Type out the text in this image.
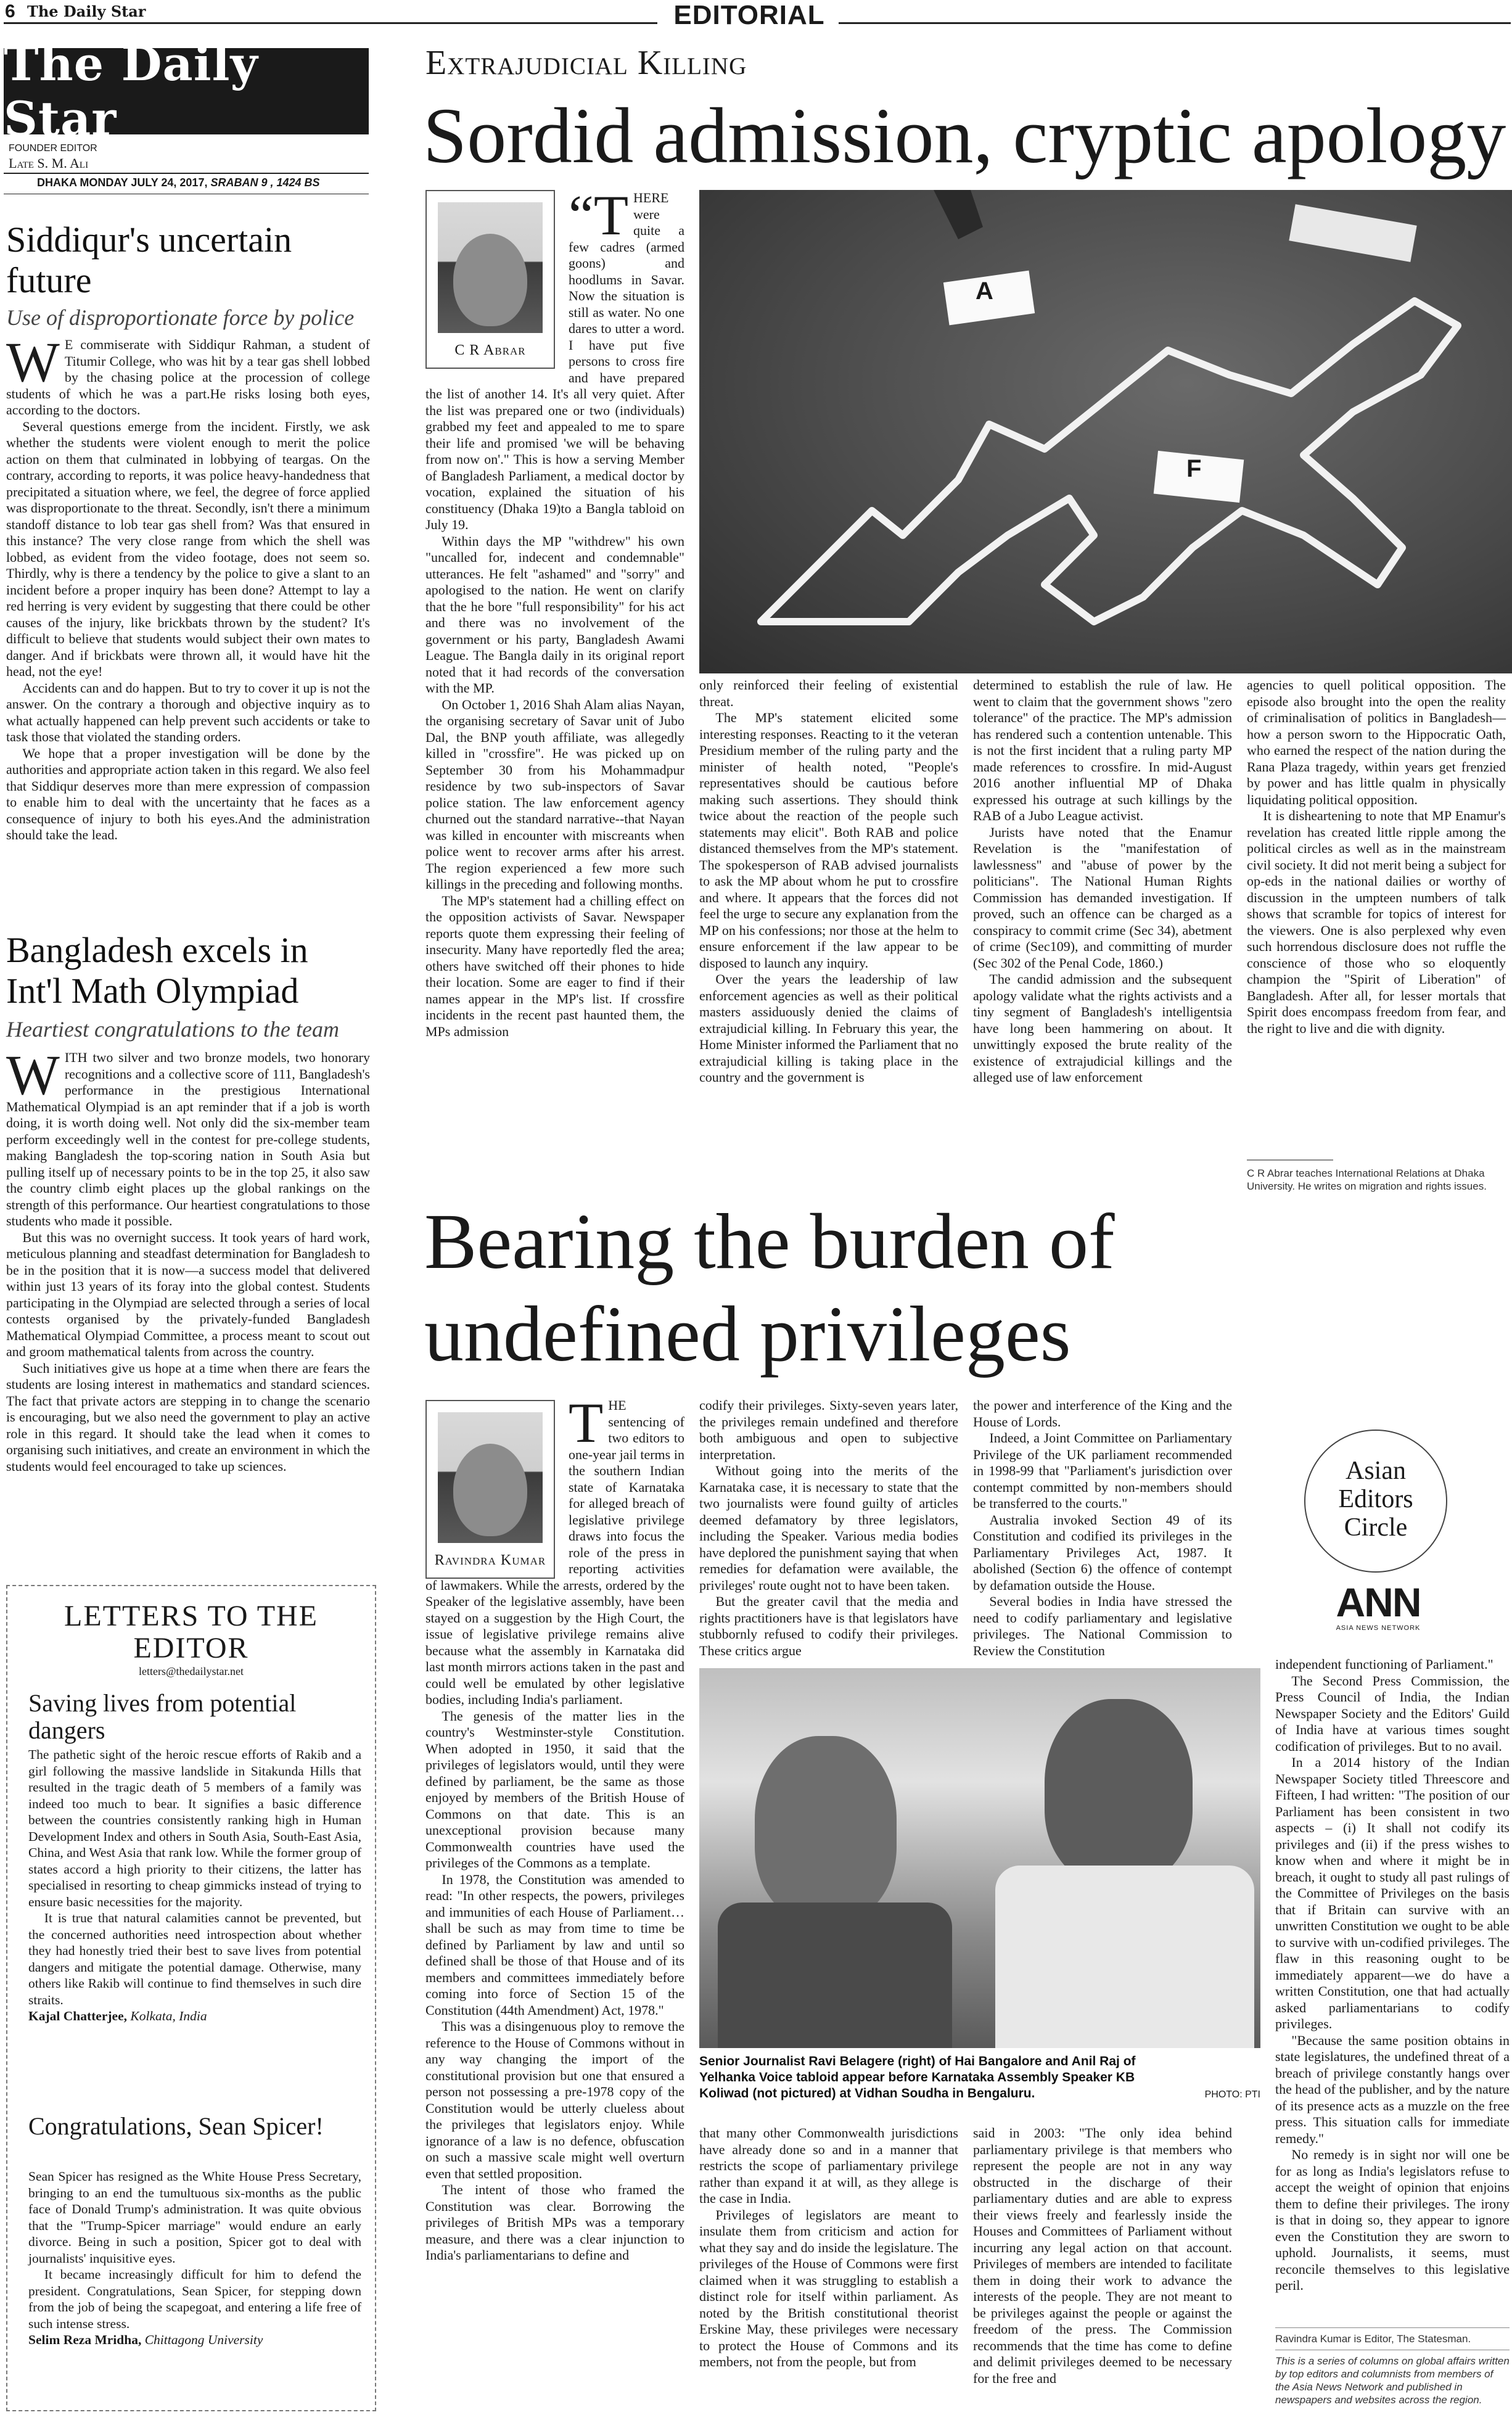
6 The Daily Star	EDITORIAL
The Daily Star
FOUNDER EDITOR
Late S. M. Ali
DHAKA MONDAY JULY 24, 2017, SRABAN 9 , 1424 BS
Siddiqur's uncertain future
Use of disproportionate force by police

W E commiserate with Siddiqur Rahman, a student of Titumir College, who was hit by a tear gas shell lobbed by the chasing police at the procession of college students of which he was a part.He risks losing both eyes, according to the doctors.

Several questions emerge from the incident. Firstly, we ask whether the students were violent enough to merit the police action on them that culminated in lobbying of teargas. On the contrary, according to reports, it was police heavy-handedness that precipitated a situation where, we feel, the degree of force applied was disproportionate to the threat. Secondly, isn't there a minimum standoff distance to lob tear gas shell from? Was that ensured in this instance? The very close range from which the shell was lobbed, as evident from the video footage, does not seem so. Thirdly, why is there a tendency by the police to give a slant to an incident before a proper inquiry has been done? Attempt to lay a red herring is very evident by suggesting that there could be other causes of the injury, like brickbats thrown by the student? It's difficult to believe that students would subject their own mates to danger. And if brickbats were thrown all, it would have hit the head, not the eye!

Accidents can and do happen. But to try to cover it up is not the answer. On the contrary a thorough and objective inquiry as to what actually happened can help prevent such accidents or take to task those that violated the standing orders.

We hope that a proper investigation will be done by the authorities and appropriate action taken in this regard. We also feel that Siddiqur deserves more than mere expression of compassion to enable him to deal with the uncertainty that he faces as a consequence of injury to both his eyes.And the administration should take the lead.

Bangladesh excels in Int'l Math Olympiad
Heartiest congratulations to the team

WITH two silver and two bronze models, two honorary recognitions and a collective score of 111, Bangladesh's performance in the prestigious International Mathematical Olympiad is an apt reminder that if a job is worth doing, it is worth doing well. Not only did the six-member team perform exceedingly well in the contest for pre-college students, making Bangladesh the top-scoring nation in South Asia but pulling itself up of necessary points to be in the top 25, it also saw the country climb eight places up the global rankings on the strength of this performance. Our heartiest congratulations to those students who made it possible.

But this was no overnight success. It took years of hard work, meticulous planning and steadfast determination for Bangladesh to be in the position that it is now—a success model that delivered within just 13 years of its foray into the global contest. Students participating in the Olympiad are selected through a series of local contests organised by the privately-funded Bangladesh Mathematical Olympiad Committee, a process meant to scout out and groom mathematical talents from across the country.

Such initiatives give us hope at a time when there are fears the students are losing interest in mathematics and standard sciences. The fact that private actors are stepping in to change the scenario is encouraging, but we also need the government to play an active role in this regard. It should take the lead when it comes to organising such initiatives, and create an environment in which the students would feel encouraged to take up sciences.

LETTERS TO THE EDITOR
letters@thedailystar.net
Saving lives from potential dangers

The pathetic sight of the heroic rescue efforts of Rakib and a girl following the massive landslide in Sitakunda Hills that resulted in the tragic death of 5 members of a family was indeed too much to bear. It signifies a basic difference between the countries consistently ranking high in Human Development Index and others in South Asia, South-East Asia, China, and West Asia that rank low. While the former group of states accord a high priority to their citizens, the latter has specialised in resorting to cheap gimmicks instead of trying to ensure basic necessities for the majority.

It is true that natural calamities cannot be prevented, but the concerned authorities need introspection about whether they had honestly tried their best to save lives from potential dangers and mitigate the potential damage. Otherwise, many others like Rakib will continue to find themselves in such dire straits.

Kajal Chatterjee, Kolkata, India

Congratulations, Sean Spicer!

Sean Spicer has resigned as the White House Press Secretary, bringing to an end the tumultuous six-months as the public face of Donald Trump's administration. It was quite obvious that the "Trump-Spicer marriage" would endure an early divorce. Being in such a position, Spicer got to deal with journalists' inquisitive eyes.

It became increasingly difficult for him to defend the president. Congratulations, Sean Spicer, for stepping down from the job of being the scapegoat, and entering a life free of such intense stress.

Selim Reza Mridha, Chittagong University

Extrajudicial Killing
Sordid admission, cryptic apology
C R Abrar

“THERE were quite a few cadres (armed goons) and hoodlums in Savar. Now the situation is still as water. No one dares to utter a word. I have put five persons to cross fire and have prepared the list of another 14. It's all very quiet. After the list was prepared one or two (individuals) grabbed my feet and appealed to me to spare their life and promised 'we will be behaving from now on'." This is how a serving Member of Bangladesh Parliament, a medical doctor by vocation, explained the situation of his constituency (Dhaka 19)to a Bangla tabloid on July 19.

Within days the MP "withdrew" his own "uncalled for, indecent and condemnable" utterances. He felt "ashamed" and "sorry" and apologised to the nation. He went on clarify that the he bore "full responsibility" for his act and there was no involvement of the government or his party, Bangladesh Awami League. The Bangla daily in its original report noted that it had records of the conversation with the MP.

On October 1, 2016 Shah Alam alias Nayan, the organising secretary of Savar unit of Jubo Dal, the BNP youth affiliate, was allegedly killed in "crossfire". He was picked up on September 30 from his Mohammadpur residence by two sub-inspectors of Savar police station. The law enforcement agency churned out the standard narrative--that Nayan was killed in encounter with miscreants when police went to recover arms after his arrest. The region experienced a few more such killings in the preceding and following months.

The MP's statement had a chilling effect on the opposition activists of Savar. Newspaper reports quote them expressing their feeling of insecurity. Many have reportedly fled the area; others have switched off their phones to hide their location. Some are eager to find if their names appear in the MP's list. If crossfire incidents in the recent past haunted them, the MPs admission

A
F

only reinforced their feeling of existential threat.

The MP's statement elicited some interesting responses. Reacting to it the veteran Presidium member of the ruling party and the minister of health noted, "People's representatives should be cautious before making such assertions. They should think twice about the reaction of the people such statements may elicit". Both RAB and police distanced themselves from the MP's statement. The spokesperson of RAB advised journalists to ask the MP about whom he put to crossfire and where. It appears that the forces did not feel the urge to secure any explanation from the MP on his confessions; nor those at the helm to ensure enforcement if the law appear to be disposed to launch any inquiry.

Over the years the leadership of law enforcement agencies as well as their political masters assiduously denied the claims of extrajudicial killing. In February this year, the Home Minister informed the Parliament that no extrajudicial killing is taking place in the country and the government is

determined to establish the rule of law. He went to claim that the government shows "zero tolerance" of the practice. The MP's admission has rendered such a contention untenable. This is not the first incident that a ruling party MP made references to crossfire. In mid-August 2016 another influential MP of Dhaka expressed his outrage at such killings by the RAB of a Jubo League activist.

Jurists have noted that the Enamur Revelation is the "manifestation of lawlessness" and "abuse of power by the politicians". The National Human Rights Commission has demanded investigation. If proved, such an offence can be charged as a conspiracy to commit crime (Sec 34), abetment of crime (Sec109), and committing of murder (Sec 302 of the Penal Code, 1860.)

The candid admission and the subsequent apology validate what the rights activists and a tiny segment of Bangladesh's intelligentsia have long been hammering on about. It unwittingly exposed the brute reality of the existence of extrajudicial killings and the alleged use of law enforcement

agencies to quell political opposition. The episode also brought into the open the reality of criminalisation of politics in Bangladesh—how a person sworn to the Hippocratic Oath, who earned the respect of the nation during the Rana Plaza tragedy, within years get frenzied by power and has little qualm in physically liquidating political opposition.

It is disheartening to note that MP Enamur's revelation has created little ripple among the political circles as well as in the mainstream civil society. It did not merit being a subject for op-eds in the national dailies or worthy of discussion in the umpteen numbers of talk shows that scramble for topics of interest for the viewers. One is also perplexed why even such horrendous disclosure does not ruffle the conscience of those who so eloquently champion the "Spirit of Liberation" of Bangladesh. After all, for lesser mortals that Spirit does encompass freedom from fear, and the right to live and die with dignity.

C R Abrar teaches International Relations at Dhaka University. He writes on migration and rights issues.
Bearing the burden of undefined privileges
Ravindra Kumar

THE sentencing of two editors to one-year jail terms in the southern Indian state of Karnataka for alleged breach of legislative privilege draws into focus the role of the press in reporting activities of lawmakers. While the arrests, ordered by the Speaker of the legislative assembly, have been stayed on a suggestion by the High Court, the issue of legislative privilege remains alive because what the assembly in Karnataka did last month mirrors actions taken in the past and could well be emulated by other legislative bodies, including India's parliament.

The genesis of the matter lies in the country's Westminster-style Constitution. When adopted in 1950, it said that the privileges of legislators would, until they were defined by parliament, be the same as those enjoyed by members of the British House of Commons on that date. This is an unexceptional provision because many Commonwealth countries have used the privileges of the Commons as a template.

In 1978, the Constitution was amended to read: "In other respects, the powers, privileges and immunities of each House of Parliament…shall be such as may from time to time be defined by Parliament by law and until so defined shall be those of that House and of its members and committees immediately before coming into force of Section 15 of the Constitution (44th Amendment) Act, 1978."

This was a disingenuous ploy to remove the reference to the House of Commons without in any way changing the import of the constitutional provision but one that ensured a person not possessing a pre-1978 copy of the Constitution would be utterly clueless about the privileges that legislators enjoy. While ignorance of a law is no defence, obfuscation on such a massive scale might well overturn even that settled proposition.

The intent of those who framed the Constitution was clear. Borrowing the privileges of British MPs was a temporary measure, and there was a clear injunction to India's parliamentarians to define and

codify their privileges. Sixty-seven years later, the privileges remain undefined and therefore both ambiguous and open to subjective interpretation.

Without going into the merits of the Karnataka case, it is necessary to state that the two journalists were found guilty of articles deemed defamatory by three legislators, including the Speaker. Various media bodies have deplored the punishment saying that when remedies for defamation were available, the privileges' route ought not to have been taken.

But the greater cavil that the media and rights practitioners have is that legislators have stubbornly refused to codify their privileges. These critics argue

the power and interference of the King and the House of Lords.

Indeed, a Joint Committee on Parliamentary Privilege of the UK parliament recommended in 1998-99 that "Parliament's jurisdiction over contempt committed by non-members should be transferred to the courts."

Australia invoked Section 49 of its Constitution and codified its privileges in the Parliamentary Privileges Act, 1987. It abolished (Section 6) the offence of contempt by defamation outside the House.

Several bodies in India have stressed the need to codify parliamentary and legislative privileges. The National Commission to Review the Constitution

Asian
Editors
Circle
ANN
ASIA NEWS NETWORK
Senior Journalist Ravi Belagere (right) of Hai Bangalore and Anil Raj of Yelhanka Voice tabloid appear before Karnataka Assembly Speaker KB Koliwad (not pictured) at Vidhan Soudha in Bengaluru.	PHOTO: PTI

that many other Commonwealth jurisdictions have already done so and in a manner that restricts the scope of parliamentary privilege rather than expand it at will, as they allege is the case in India.

Privileges of legislators are meant to insulate them from criticism and action for what they say and do inside the legislature. The privileges of the House of Commons were first claimed when it was struggling to establish a distinct role for itself within parliament. As noted by the British constitutional theorist Erskine May, these privileges were necessary to protect the House of Commons and its members, not from the people, but from

said in 2003: "The only idea behind parliamentary privilege is that members who represent the people are not in any way obstructed in the discharge of their parliamentary duties and are able to express their views freely and fearlessly inside the Houses and Committees of Parliament without incurring any legal action on that account. Privileges of members are intended to facilitate them in doing their work to advance the interests of the people. They are not meant to be privileges against the people or against the freedom of the press. The Commission recommends that the time has come to define and delimit privileges deemed to be necessary for the free and

independent functioning of Parliament."

The Second Press Commission, the Press Council of India, the Indian Newspaper Society and the Editors' Guild of India have at various times sought codification of privileges. But to no avail.

In a 2014 history of the Indian Newspaper Society titled Threescore and Fifteen, I had written: "The position of our Parliament has been consistent in two aspects – (i) It shall not codify its privileges and (ii) if the press wishes to know when and where it might be in breach, it ought to study all past rulings of the Committee of Privileges on the basis that if Britain can survive with an unwritten Constitution we ought to be able to survive with un-codified privileges. The flaw in this reasoning ought to be immediately apparent—we do have a written Constitution, one that had actually asked parliamentarians to codify privileges.

"Because the same position obtains in state legislatures, the undefined threat of a breach of privilege constantly hangs over the head of the publisher, and by the nature of its presence acts as a muzzle on the free press. This situation calls for immediate remedy."

No remedy is in sight nor will one be for as long as India's legislators refuse to accept the weight of opinion that enjoins them to define their privileges. The irony is that in doing so, they appear to ignore even the Constitution they are sworn to uphold. Journalists, it seems, must reconcile themselves to this legislative peril.

Ravindra Kumar is Editor, The Statesman.
This is a series of columns on global affairs written by top editors and columnists from members of the Asia News Network and published in newspapers and websites across the region.
